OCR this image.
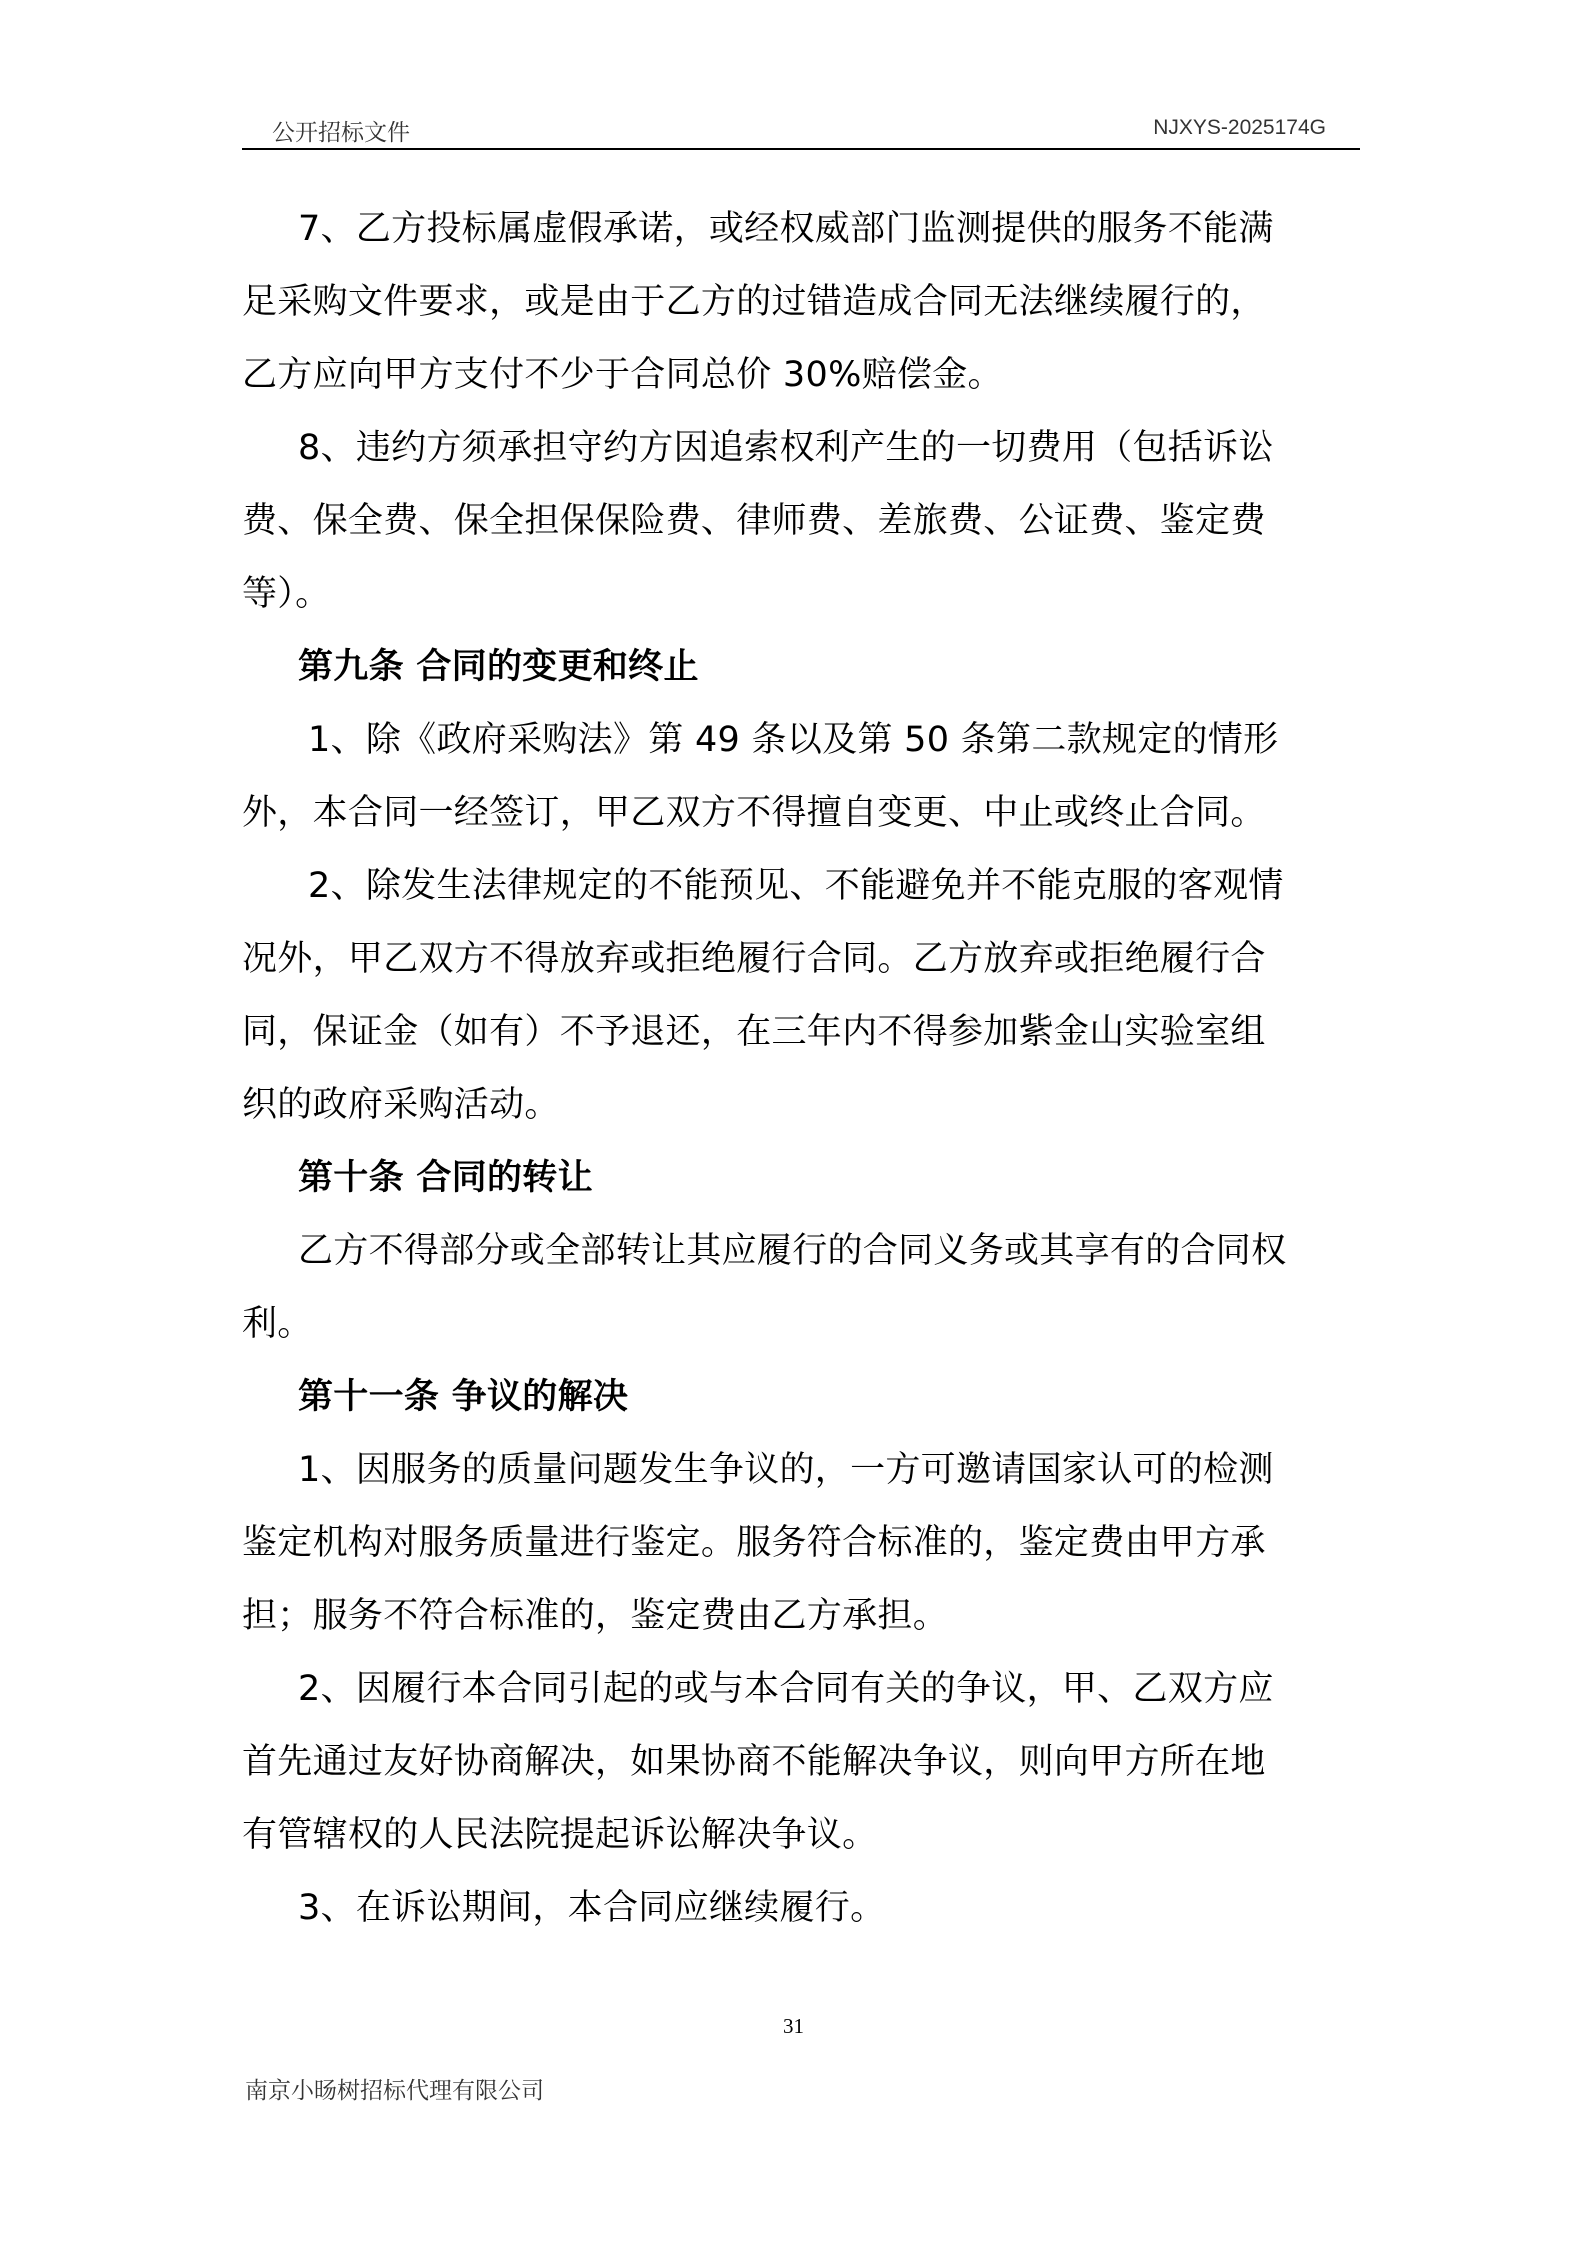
公开招标文件	NJXYS-2025174G
7、乙方投标属虚假承诺，或经权威部门监测提供的服务不能满
足采购文件要求，或是由于乙方的过错造成合同无法继续履行的，
乙方应向甲方支付不少于合同总价 30%赔偿金。
8、违约方须承担守约方因追索权利产生的一切费用（包括诉讼
费、保全费、保全担保保险费、律师费、差旅费、公证费、鉴定费
等）。
第九条 合同的变更和终止
1、除《政府采购法》第 49 条以及第 50 条第二款规定的情形
外，本合同一经签订，甲乙双方不得擅自变更、中止或终止合同。
2、除发生法律规定的不能预见、不能避免并不能克服的客观情
况外，甲乙双方不得放弃或拒绝履行合同。乙方放弃或拒绝履行合
同，保证金（如有）不予退还，在三年内不得参加紫金山实验室组
织的政府采购活动。
第十条 合同的转让
乙方不得部分或全部转让其应履行的合同义务或其享有的合同权
利。
第十一条 争议的解决
1、因服务的质量问题发生争议的，一方可邀请国家认可的检测
鉴定机构对服务质量进行鉴定。服务符合标准的，鉴定费由甲方承
担；服务不符合标准的，鉴定费由乙方承担。
2、因履行本合同引起的或与本合同有关的争议，甲、乙双方应
首先通过友好协商解决，如果协商不能解决争议，则向甲方所在地
有管辖权的人民法院提起诉讼解决争议。
3、在诉讼期间，本合同应继续履行。
31
南京小旸树招标代理有限公司
